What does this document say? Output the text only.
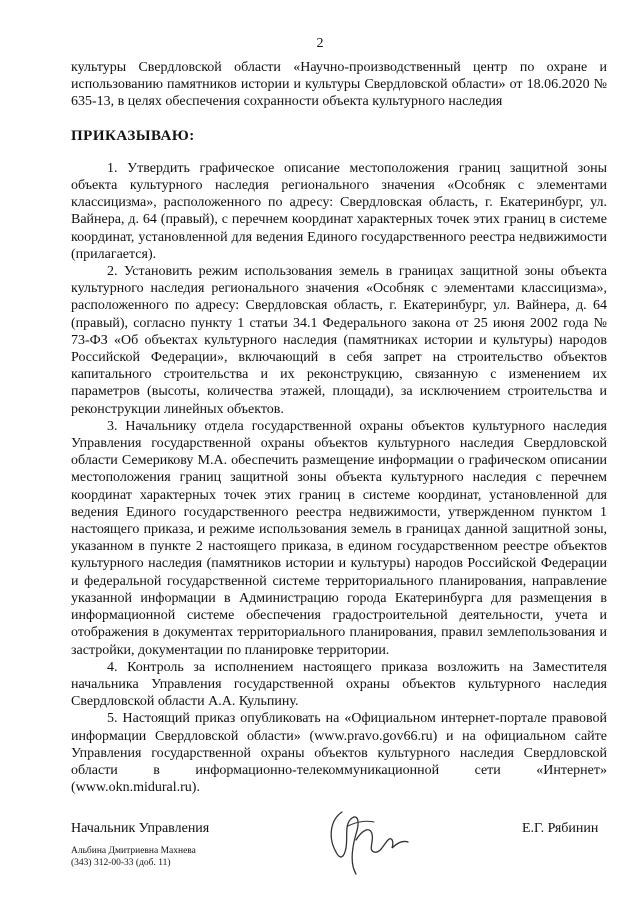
2

культуры Свердловской области «Научно-производственный центр по охране и использованию памятников истории и культуры Свердловской области» от 18.06.2020 № 635-13, в целях обеспечения сохранности объекта культурного наследия

ПРИКАЗЫВАЮ:

1. Утвердить графическое описание местоположения границ защитной зоны объекта культурного наследия регионального значения «Особняк с элементами классицизма», расположенного по адресу: Свердловская область, г. Екатеринбург, ул. Вайнера, д. 64 (правый), с перечнем координат характерных точек этих границ в системе координат, установленной для ведения Единого государственного реестра недвижимости (прилагается).

2. Установить режим использования земель в границах защитной зоны объекта культурного наследия регионального значения «Особняк с элементами классицизма», расположенного по адресу: Свердловская область, г. Екатеринбург, ул. Вайнера, д. 64 (правый), согласно пункту 1 статьи 34.1 Федерального закона от 25 июня 2002 года № 73-ФЗ «Об объектах культурного наследия (памятниках истории и культуры) народов Российской Федерации», включающий в себя запрет на строительство объектов капитального строительства и их реконструкцию, связанную с изменением их параметров (высоты, количества этажей, площади), за исключением строительства и реконструкции линейных объектов.

3. Начальнику отдела государственной охраны объектов культурного наследия Управления государственной охраны объектов культурного наследия Свердловской области Семерикову М.А. обеспечить размещение информации о графическом описании местоположения границ защитной зоны объекта культурного наследия с перечнем координат характерных точек этих границ в системе координат, установленной для ведения Единого государственного реестра недвижимости, утвержденном пунктом 1 настоящего приказа, и режиме использования земель в границах данной защитной зоны, указанном в пункте 2 настоящего приказа, в едином государственном реестре объектов культурного наследия (памятников истории и культуры) народов Российской Федерации и федеральной государственной системе территориального планирования, направление указанной информации в Администрацию города Екатеринбурга для размещения в информационной системе обеспечения градостроительной деятельности, учета и отображения в документах территориального планирования, правил землепользования и застройки, документации по планировке территории.

4. Контроль за исполнением настоящего приказа возложить на Заместителя начальника Управления государственной охраны объектов культурного наследия Свердловской области А.А. Кульпину.

5. Настоящий приказ опубликовать на «Официальном интернет-портале правовой информации Свердловской области» (www.pravo.gov66.ru) и на официальном сайте Управления государственной охраны объектов культурного наследия Свердловской области в информационно-телекоммуникационной сети «Интернет» (www.okn.midural.ru).

Начальник Управления	Е.Г. Рябинин
Альбина Дмитриевна Махнева
(343) 312-00-33 (доб. 11)
